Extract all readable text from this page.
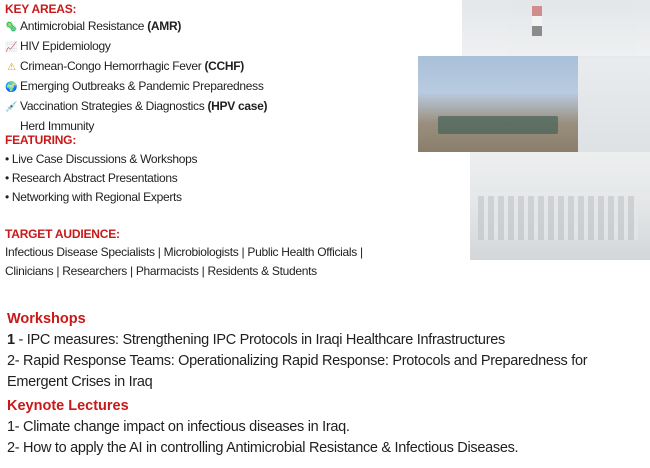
KEY AREAS:
🦠 Antimicrobial Resistance (AMR)
📈 HIV Epidemiology
⚠ Crimean-Congo Hemorrhagic Fever (CCHF)
🌍 Emerging Outbreaks & Pandemic Preparedness
💉 Vaccination Strategies & Diagnostics (HPV case)
Herd Immunity
FEATURING:
• Live Case Discussions & Workshops
• Research Abstract Presentations
• Networking with Regional Experts
TARGET AUDIENCE:
Infectious Disease Specialists | Microbiologists | Public Health Officials |
Clinicians | Researchers | Pharmacists | Residents & Students
Workshops
1 - IPC measures: Strengthening IPC Protocols in Iraqi Healthcare Infrastructures
2- Rapid Response Teams: Operationalizing Rapid Response: Protocols and Preparedness for
Emergent Crises in Iraq
Keynote Lectures
1- Climate change impact on infectious diseases in Iraq.
2- How to apply the AI in controlling Antimicrobial Resistance & Infectious Diseases.
